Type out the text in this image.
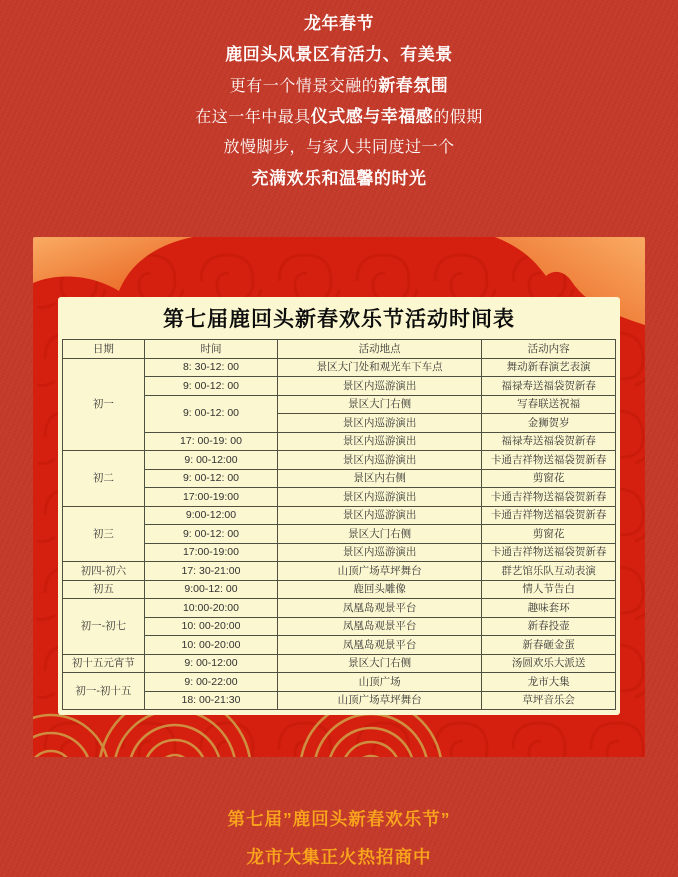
龙年春节
鹿回头风景区有活力、有美景
更有一个情景交融的新春氛围
在这一年中最具仪式感与幸福感的假期
放慢脚步，与家人共同度过一个
充满欢乐和温馨的时光
第七届鹿回头新春欢乐节活动时间表
日期	时间	活动地点	活动内容
初一	8: 30-12: 00	景区大门处和观光车下车点	舞动新春演艺表演
	9: 00-12: 00	景区内巡游演出	福禄寿送福袋贺新春
	9: 00-12: 00	景区大门右侧	写春联送祝福
		景区内巡游演出	金狮贺岁
	17: 00-19: 00	景区内巡游演出	福禄寿送福袋贺新春
初二	9: 00-12:00	景区内巡游演出	卡通吉祥物送福袋贺新春
	9: 00-12: 00	景区内右侧	剪窗花
	17:00-19:00	景区内巡游演出	卡通吉祥物送福袋贺新春
初三	9:00-12:00	景区内巡游演出	卡通吉祥物送福袋贺新春
	9: 00-12: 00	景区大门右侧	剪窗花
	17:00-19:00	景区内巡游演出	卡通吉祥物送福袋贺新春
初四-初六	17: 30-21:00	山顶广场草坪舞台	群艺馆乐队互动表演
初五	9:00-12: 00	鹿回头雕像	情人节告白
初一-初七	10:00-20:00	凤凰岛观景平台	趣味套环
	10: 00-20:00	凤凰岛观景平台	新春投壶
	10: 00-20:00	凤凰岛观景平台	新春砸金蛋
初十五元宵节	9: 00-12:00	景区大门右侧	汤圆欢乐大派送
初一-初十五	9: 00-22:00	山顶广场	龙市大集
	18: 00-21:30	山顶广场草坪舞台	草坪音乐会
第七届”鹿回头新春欢乐节”
龙市大集正火热招商中
